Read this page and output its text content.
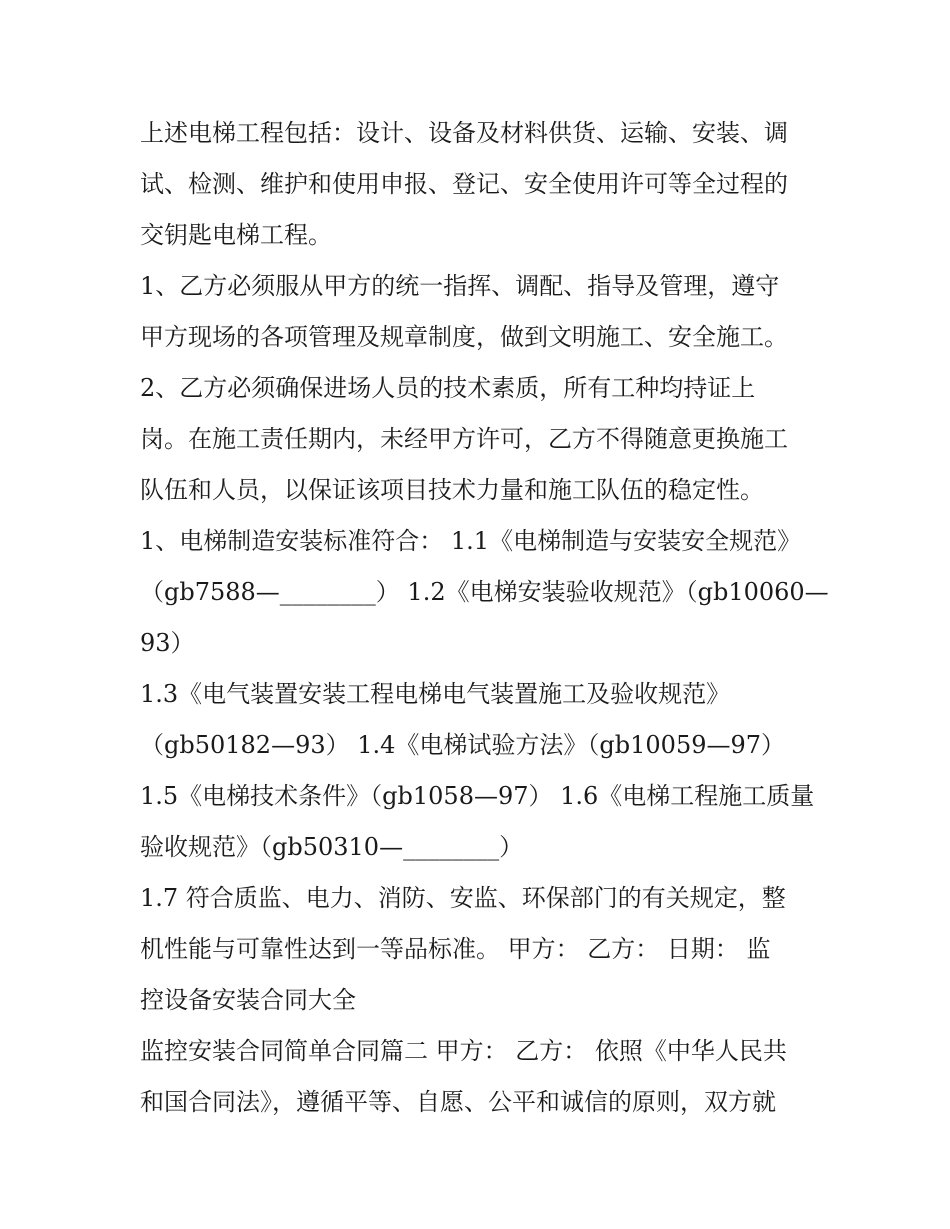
上述电梯工程包括：设计、设备及材料供货、运输、安装、调
试、检测、维护和使用申报、登记、安全使用许可等全过程的
交钥匙电梯工程。
1、乙方必须服从甲方的统一指挥、调配、指导及管理，遵守
甲方现场的各项管理及规章制度，做到文明施工、安全施工。
2、乙方必须确保进场人员的技术素质，所有工种均持证上
岗。在施工责任期内，未经甲方许可，乙方不得随意更换施工
队伍和人员，以保证该项目技术力量和施工队伍的稳定性。
1、电梯制造安装标准符合： 1.1《电梯制造与安装安全规范》
（gb7588—________） 1.2《电梯安装验收规范》（gb10060—
93）
1.3《电气装置安装工程电梯电气装置施工及验收规范》
（gb50182—93） 1.4《电梯试验方法》（gb10059—97）
1.5《电梯技术条件》（gb1058—97） 1.6《电梯工程施工质量
验收规范》（gb50310—________）
1.7 符合质监、电力、消防、安监、环保部门的有关规定，整
机性能与可靠性达到一等品标准。 甲方： 乙方： 日期： 监
控设备安装合同大全
监控安装合同简单合同篇二 甲方： 乙方： 依照《中华人民共
和国合同法》，遵循平等、自愿、公平和诚信的原则，双方就
